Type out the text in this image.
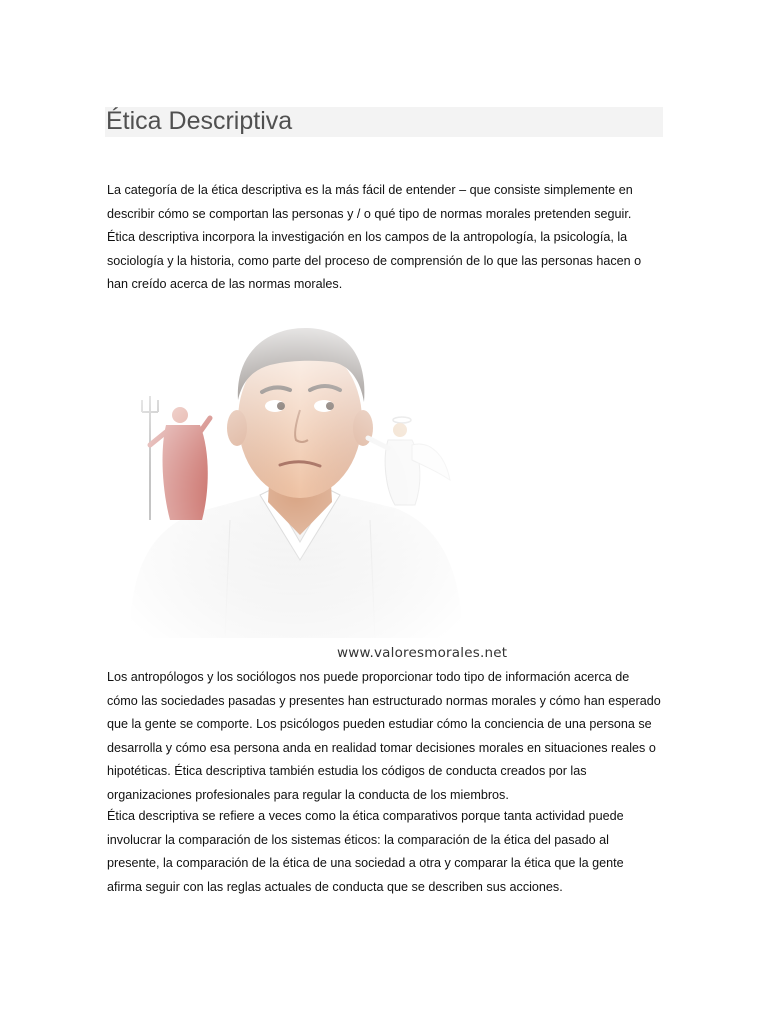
Ética Descriptiva

La categoría de la ética descriptiva es la más fácil de entender – que consiste simplemente en describir cómo se comportan las personas y / o qué tipo de normas morales pretenden seguir. Ética descriptiva incorpora la investigación en los campos de la antropología, la psicología, la sociología y la historia, como parte del proceso de comprensión de lo que las personas hacen o han creído acerca de las normas morales.

www.valoresmorales.net

Los antropólogos y los sociólogos nos puede proporcionar todo tipo de información acerca de cómo las sociedades pasadas y presentes han estructurado normas morales y cómo han esperado que la gente se comporte. Los psicólogos pueden estudiar cómo la conciencia de una persona se desarrolla y cómo esa persona anda en realidad tomar decisiones morales en situaciones reales o hipotéticas. Ética descriptiva también estudia los códigos de conducta creados por las organizaciones profesionales para regular la conducta de los miembros.

Ética descriptiva se refiere a veces como la ética comparativos porque tanta actividad puede involucrar la comparación de los sistemas éticos: la comparación de la ética del pasado al presente, la comparación de la ética de una sociedad a otra y comparar la ética que la gente afirma seguir con las reglas actuales de conducta que se describen sus acciones.
